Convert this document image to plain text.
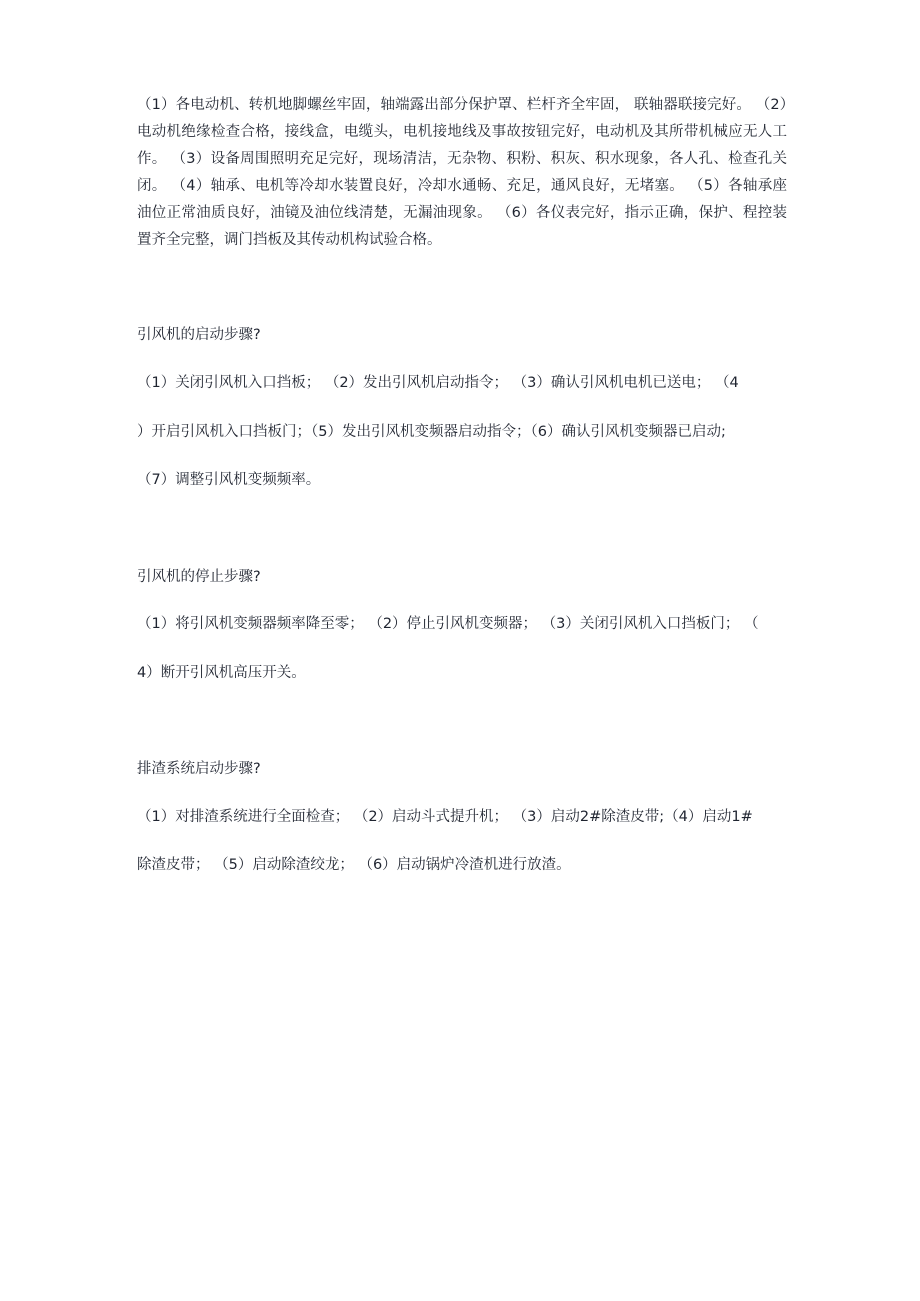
（1）各电动机、转机地脚螺丝牢固，轴端露出部分保护罩、栏杆齐全牢固， 联轴器联接完好。 （2）电动机绝缘检查合格，接线盒，电缆头，电机接地线及事故按钮完好，电动机及其所带机械应无人工作。 （3）设备周围照明充足完好，现场清洁，无杂物、积粉、积灰、积水现象，各人孔、检查孔关闭。 （4）轴承、电机等冷却水装置良好，冷却水通畅、充足，通风良好，无堵塞。 （5）各轴承座油位正常油质良好，油镜及油位线清楚，无漏油现象。 （6）各仪表完好，指示正确，保护、程控装置齐全完整，调门挡板及其传动机构试验合格。
引风机的启动步骤?
（1）关闭引风机入口挡板； （2）发出引风机启动指令； （3）确认引风机电机已送电； （4
）开启引风机入口挡板门；（5）发出引风机变频器启动指令；（6）确认引风机变频器已启动;
（7）调整引风机变频频率。
引风机的停止步骤?
（1）将引风机变频器频率降至零； （2）停止引风机变频器； （3）关闭引风机入口挡板门； （
4）断开引风机高压开关。
排渣系统启动步骤?
（1）对排渣系统进行全面检查； （2）启动斗式提升机； （3）启动2#除渣皮带;（4）启动1#
除渣皮带； （5）启动除渣绞龙； （6）启动锅炉冷渣机进行放渣。
